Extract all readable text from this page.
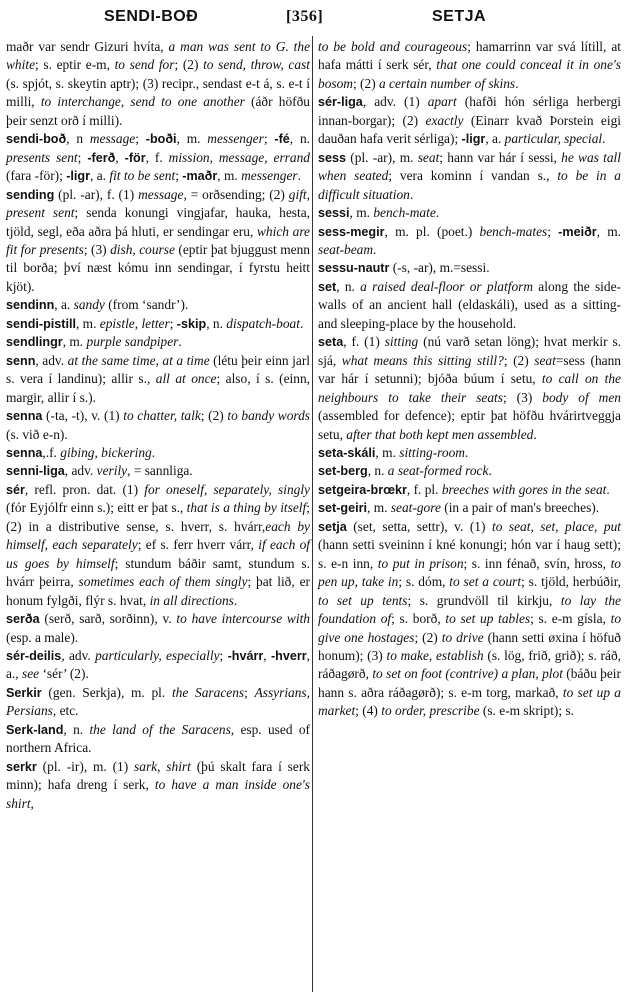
SENDI-BOÐ	[356]	SETJA

maðr var sendr Gizuri hvíta, a man was sent to G. the white; s. eptir e-m, to send for; (2) to send, throw, cast (s. spjót, s. skeytin aptr); (3) recipr., sendast e-t á, s. e-t í milli, to interchange, send to one another (áðr höfðu þeir senzt orð í milli).

sendi-boð, n message; -boði, m. messenger; -fé, n. presents sent; -ferð, -för, f. mission, message, errand (fara -för); -ligr, a. fit to be sent; -maðr, m. messenger.

sending (pl. -ar), f. (1) message, = orðsending; (2) gift, present sent; senda konungi vingjafar, hauka, hesta, tjöld, segl, eða aðra þá hluti, er sendingar eru, which are fit for presents; (3) dish, course (eptir þat bjuggust menn til borða; því næst kómu inn sendingar, í fyrstu heitt kjöt).

sendinn, a. sandy (from ‘sandr’).

sendi-pistill, m. epistle, letter; -skip, n. dispatch-boat.

sendlingr, m. purple sandpiper.

senn, adv. at the same time, at a time (létu þeir einn jarl s. vera í landinu); allir s., all at once; also, í s. (einn, margir, allir í s.).

senna (-ta, -t), v. (1) to chatter, talk; (2) to bandy words (s. við e-n).

senna,.f. gibing, bickering.

senni-liga, adv. verily, = sannliga.

sér, refl. pron. dat. (1) for oneself, separately, singly (fór Eyjólfr einn s.); eitt er þat s., that is a thing by itself; (2) in a distributive sense, s. hverr, s. hvárr,each by himself, each separately; ef s. ferr hverr várr, if each of us goes by himself; stundum báðir samt, stundum s. hvárr þeirra, sometimes each of them singly; þat lið, er honum fylgði, flýr s. hvat, in all directions.

serða (serð, sarð, sorðinn), v. to have intercourse with (esp. a male).

sér-deilis, adv. particularly, especially; -hvárr, -hverr, a., see ‘sér’ (2).

Serkir (gen. Serkja), m. pl. the Saracens; Assyrians, Persians, etc.

Serk-land, n. the land of the Saracens, esp. used of northern Africa.

serkr (pl. -ir), m. (1) sark, shirt (þú skalt fara í serk minn); hafa dreng í serk, to have a man inside one's shirt,

to be bold and courageous; hamarrinn var svá lítill, at hafa mátti í serk sér, that one could conceal it in one's bosom; (2) a certain number of skins.

sér-liga, adv. (1) apart (hafði hón sérliga herbergi innan-borgar); (2) exactly (Einarr kvað Þorstein eigi dauðan hafa verit sérliga); -ligr, a. particular, special.

sess (pl. -ar), m. seat; hann var hár í sessi, he was tall when seated; vera kominn í vandan s., to be in a difficult situation.

sessi, m. bench-mate.

sess-megir, m. pl. (poet.) bench-mates; -meiðr, m. seat-beam.

sessu-nautr (-s, -ar), m.=sessi.

set, n. a raised deal-floor or platform along the side-walls of an ancient hall (eldaskáli), used as a sitting- and sleeping-place by the household.

seta, f. (1) sitting (nú varð setan löng); hvat merkir s. sjá, what means this sitting still?; (2) seat=sess (hann var hár í setunni); bjóða búum í setu, to call on the neighbours to take their seats; (3) body of men (assembled for defence); eptir þat höfðu hvárirtveggja setu, after that both kept men assembled.

seta-skáli, m. sitting-room.

set-berg, n. a seat-formed rock.

setgeira-brœkr, f. pl. breeches with gores in the seat.

set-geiri, m. seat-gore (in a pair of man's breeches).

setja (set, setta, settr), v. (1) to seat, set, place, put (hann setti sveininn í kné konungi; hón var í haug sett); s. e-n inn, to put in prison; s. inn fénað, svín, hross, to pen up, take in; s. dóm, to set a court; s. tjöld, herbúðir, to set up tents; s. grundvöll til kirkju, to lay the foundation of; s. borð, to set up tables; s. e-m gísla, to give one hostages; (2) to drive (hann setti øxina í höfuð honum); (3) to make, establish (s. lög, frið, grið); s. ráð, ráðagørð, to set on foot (contrive) a plan, plot (báðu þeir hann s. aðra ráðagørð); s. e-m torg, markað, to set up a market; (4) to order, prescribe (s. e-m skript); s.
